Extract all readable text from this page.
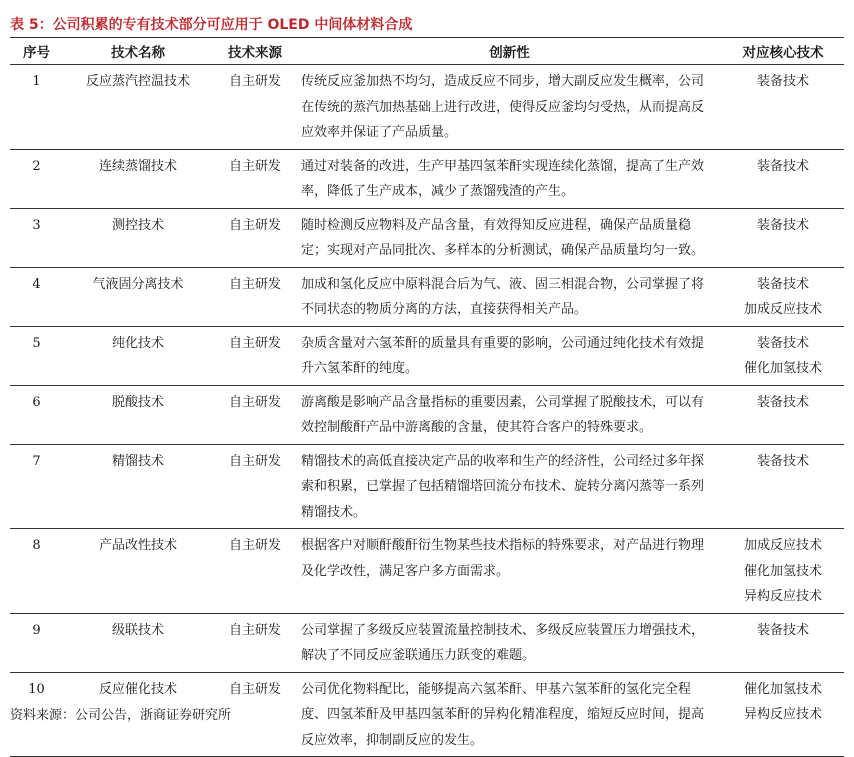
表 5：公司积累的专有技术部分可应用于 OLED 中间体材料合成
序号	技术名称	技术来源	创新性	对应核心技术
1	反应蒸汽控温技术	自主研发	传统反应釜加热不均匀，造成反应不同步，增大副反应发生概率，公司在传统的蒸汽加热基础上进行改进，使得反应釜均匀受热，从而提高反应效率并保证了产品质量。	装备技术

2	连续蒸馏技术	自主研发	通过对装备的改进，生产甲基四氢苯酐实现连续化蒸馏，提高了生产效率，降低了生产成本，减少了蒸馏残渣的产生。	装备技术

3	测控技术	自主研发	随时检测反应物料及产品含量，有效得知反应进程，确保产品质量稳定；实现对产品同批次、多样本的分析测试，确保产品质量均匀一致。	装备技术

4	气液固分离技术	自主研发	加成和氢化反应中原料混合后为气、液、固三相混合物，公司掌握了将不同状态的物质分离的方法，直接获得相关产品。	装备技术
加成反应技术

5	纯化技术	自主研发	杂质含量对六氢苯酐的质量具有重要的影响，公司通过纯化技术有效提升六氢苯酐的纯度。	装备技术
催化加氢技术

6	脱酸技术	自主研发	游离酸是影响产品含量指标的重要因素，公司掌握了脱酸技术，可以有效控制酸酐产品中游离酸的含量，使其符合客户的特殊要求。	装备技术

7	精馏技术	自主研发	精馏技术的高低直接决定产品的收率和生产的经济性，公司经过多年探索和积累，已掌握了包括精馏塔回流分布技术、旋转分离闪蒸等一系列精馏技术。	装备技术

8	产品改性技术	自主研发	根据客户对顺酐酸酐衍生物某些技术指标的特殊要求，对产品进行物理及化学改性，满足客户多方面需求。	加成反应技术
催化加氢技术
异构反应技术

9	级联技术	自主研发	公司掌握了多级反应装置流量控制技术、多级反应装置压力增强技术，解决了不同反应釜联通压力跃变的难题。	装备技术

10	反应催化技术	自主研发	公司优化物料配比，能够提高六氢苯酐、甲基六氢苯酐的氢化完全程度、四氢苯酐及甲基四氢苯酐的异构化精准程度，缩短反应时间，提高反应效率，抑制副反应的发生。	催化加氢技术
异构反应技术
资料来源：公司公告，浙商证券研究所
